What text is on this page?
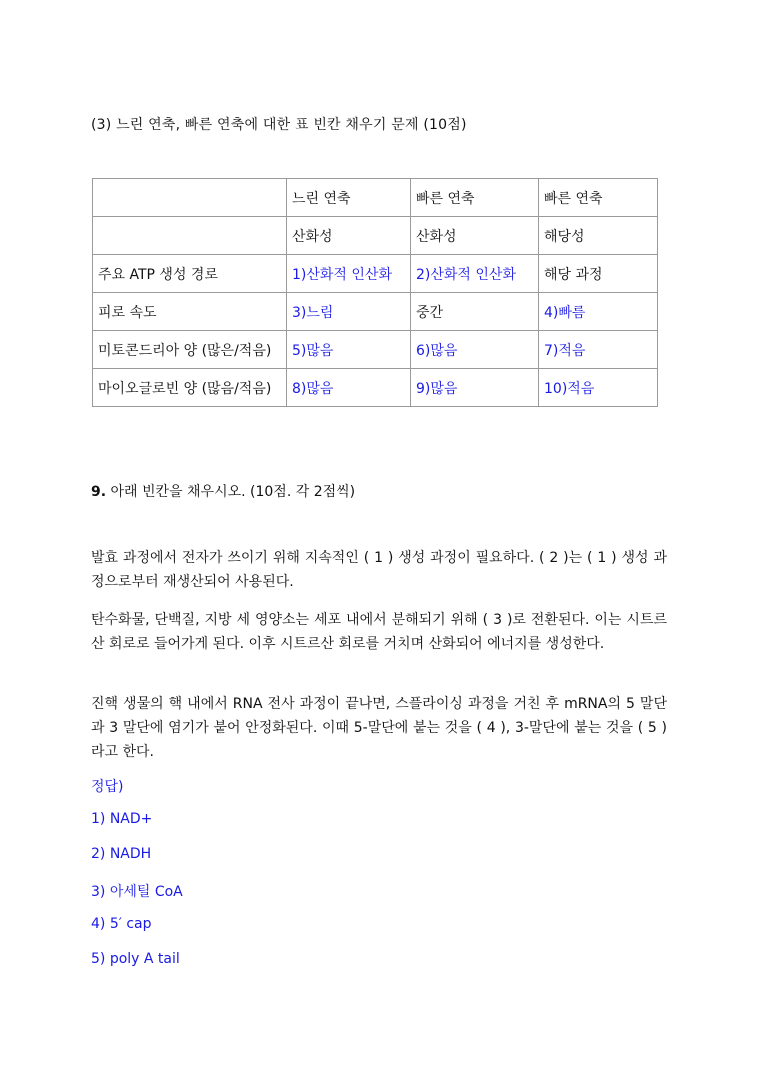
(3) 느린 연축, 빠른 연축에 대한 표 빈칸 채우기 문제 (10점)
	느린 연축	빠른 연축	빠른 연축
	산화성	산화성	해당성
주요 ATP 생성 경로	1)산화적 인산화	2)산화적 인산화	해당 과정
피로 속도	3)느림	중간	4)빠름
미토콘드리아 양 (많은/적음)	5)많음	6)많음	7)적음
마이오글로빈 양 (많음/적음)	8)많음	9)많음	10)적음
9. 아래 빈칸을 채우시오. (10점. 각 2점씩)
발효 과정에서 전자가 쓰이기 위해 지속적인 ( 1 ) 생성 과정이 필요하다. ( 2 )는 ( 1 ) 생성 과정으로부터 재생산되어 사용된다.
탄수화물, 단백질, 지방 세 영양소는 세포 내에서 분해되기 위해 ( 3 )로 전환된다. 이는 시트르산 회로로 들어가게 된다. 이후 시트르산 회로를 거치며 산화되어 에너지를 생성한다.
진핵 생물의 핵 내에서 RNA 전사 과정이 끝나면, 스플라이싱 과정을 거친 후 mRNA의 5 말단과 3 말단에 염기가 붙어 안정화된다. 이때 5-말단에 붙는 것을 ( 4 ), 3-말단에 붙는 것을 ( 5 )라고 한다.
정답)
1) NAD+
2) NADH
3) 아세틸 CoA
4) 5′ cap
5) poly A tail
